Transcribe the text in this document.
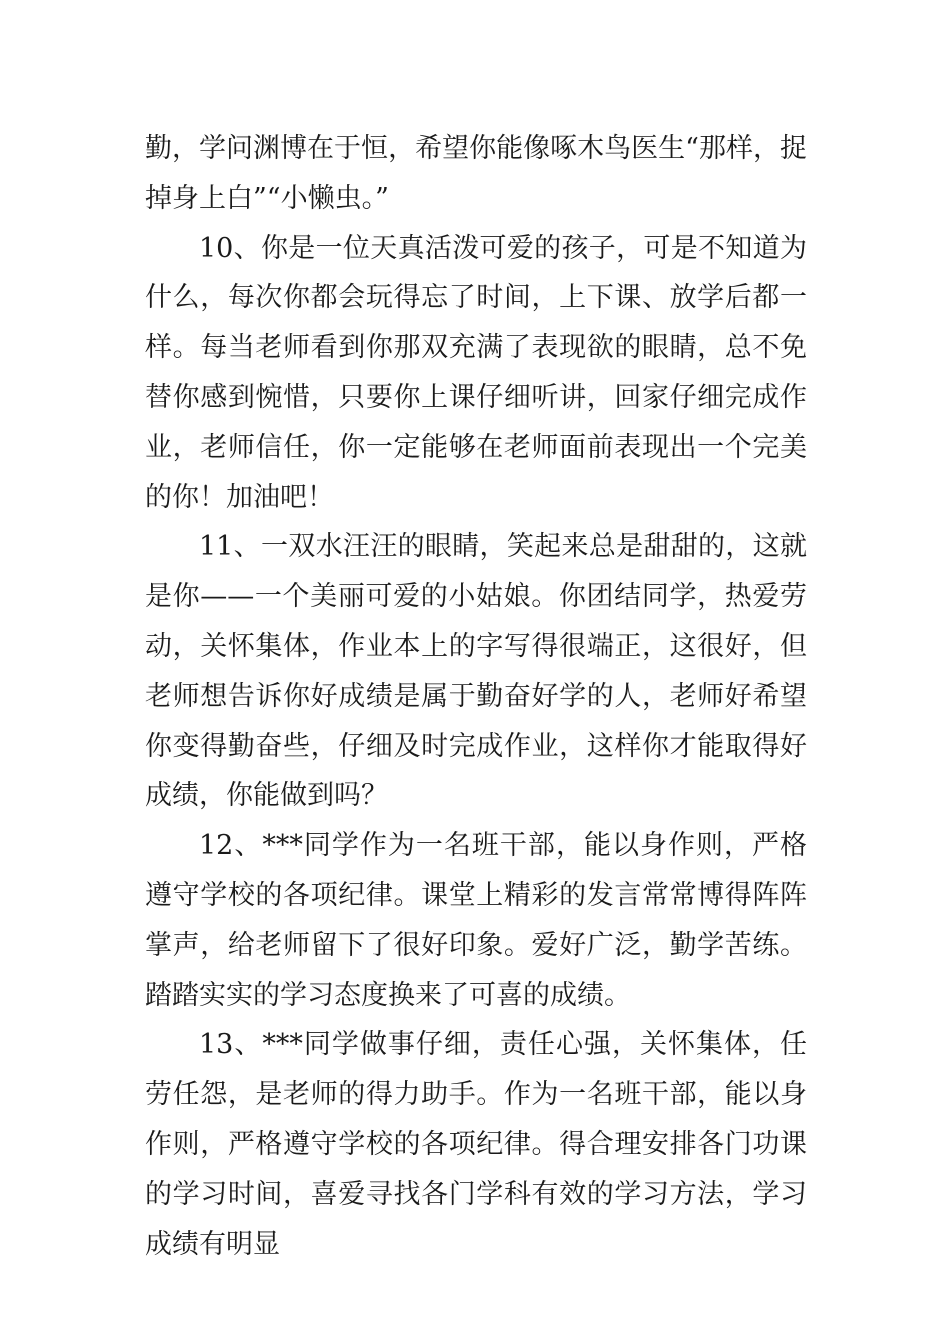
勤，学问渊博在于恒，希望你能像啄木鸟医生“那样，捉掉身上白”“小懒虫。”

10、你是一位天真活泼可爱的孩子，可是不知道为什么，每次你都会玩得忘了时间，上下课、放学后都一样。每当老师看到你那双充满了表现欲的眼睛，总不免替你感到惋惜，只要你上课仔细听讲，回家仔细完成作业，老师信任，你一定能够在老师面前表现出一个完美的你！加油吧！

11、一双水汪汪的眼睛，笑起来总是甜甜的，这就是你——一个美丽可爱的小姑娘。你团结同学，热爱劳动，关怀集体，作业本上的字写得很端正，这很好，但老师想告诉你好成绩是属于勤奋好学的人，老师好希望你变得勤奋些，仔细及时完成作业，这样你才能取得好成绩，你能做到吗？

12、***同学作为一名班干部，能以身作则，严格遵守学校的各项纪律。课堂上精彩的发言常常博得阵阵掌声，给老师留下了很好印象。爱好广泛，勤学苦练。踏踏实实的学习态度换来了可喜的成绩。

13、***同学做事仔细，责任心强，关怀集体，任劳任怨，是老师的得力助手。作为一名班干部，能以身作则，严格遵守学校的各项纪律。得合理安排各门功课的学习时间，喜爱寻找各门学科有效的学习方法，学习成绩有明显
